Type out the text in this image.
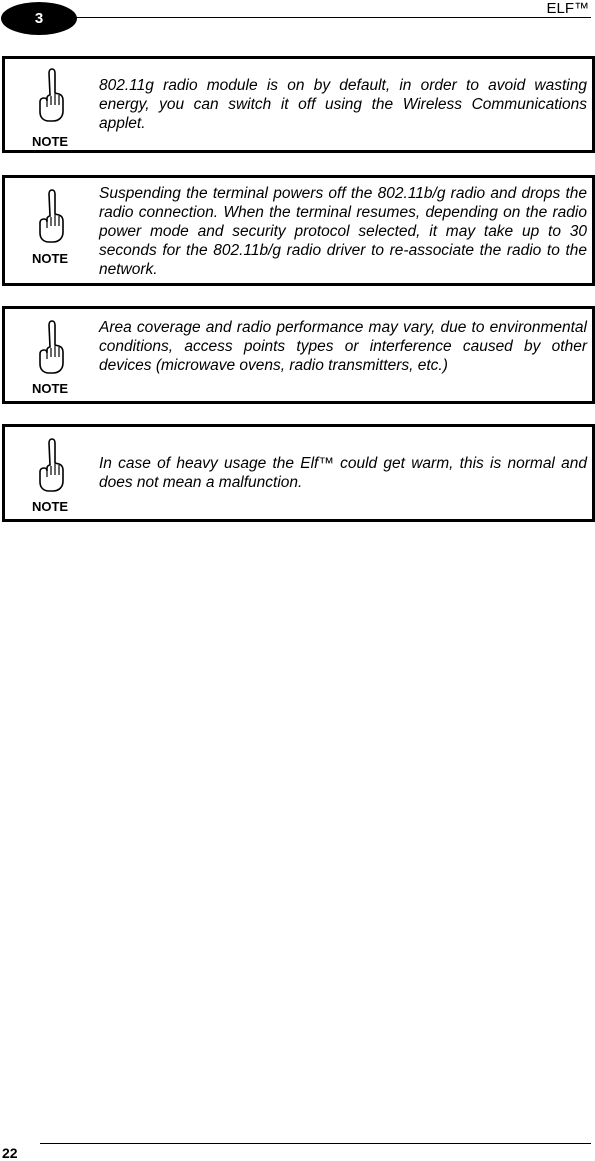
3
ELF™
NOTE
802.11g radio module is on by default, in order to avoid wasting energy, you can switch it off using the Wireless Communications applet.
NOTE
Suspending the terminal powers off the 802.11b/g radio and drops the radio connection. When the terminal resumes, depending on the radio power mode and security protocol selected, it may take up to 30 seconds for the 802.11b/g radio driver to re-associate the radio to the network.
NOTE
Area coverage and radio performance may vary, due to environmental conditions, access points types or interference caused by other devices (microwave ovens, radio transmitters, etc.)
NOTE
In case of heavy usage the Elf™ could get warm, this is normal and does not mean a malfunction.
22
